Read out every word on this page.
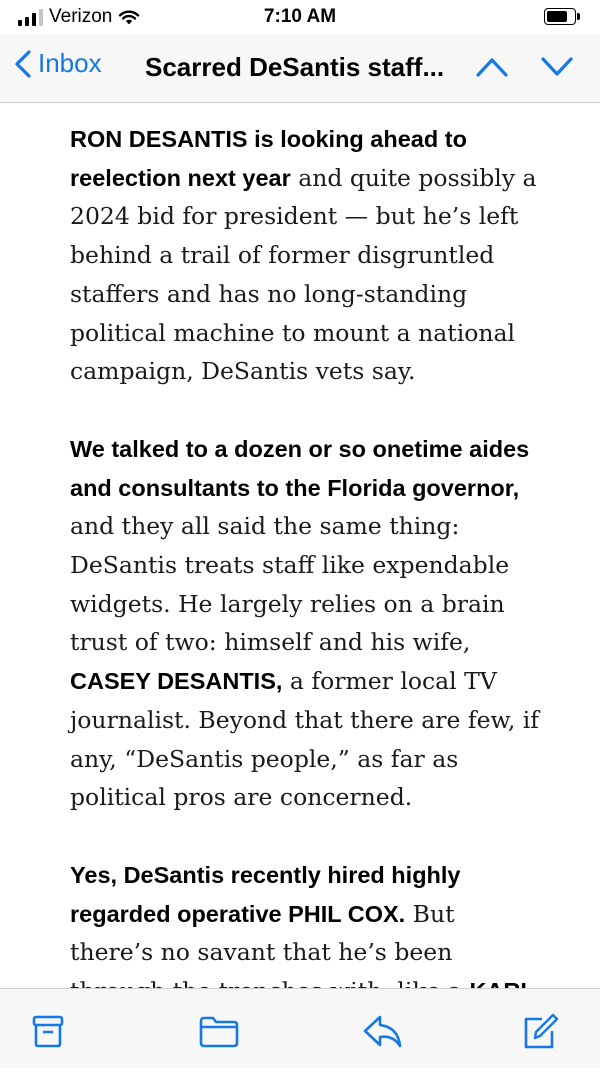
Verizon	7:10 AM
Inbox Scarred DeSantis staff...

RON DESANTIS is looking ahead to reelection next year and quite possibly a 2024 bid for president — but he’s left behind a trail of former disgruntled staffers and has no long-standing political machine to mount a national campaign, DeSantis vets say.

We talked to a dozen or so onetime aides and consultants to the Florida governor, and they all said the same thing: DeSantis treats staff like expendable widgets. He largely relies on a brain trust of two: himself and his wife, CASEY DESANTIS, a former local TV journalist. Beyond that there are few, if any, “DeSantis people,” as far as political pros are concerned.

Yes, DeSantis recently hired highly regarded operative PHIL COX. But there’s no savant that he’s been
